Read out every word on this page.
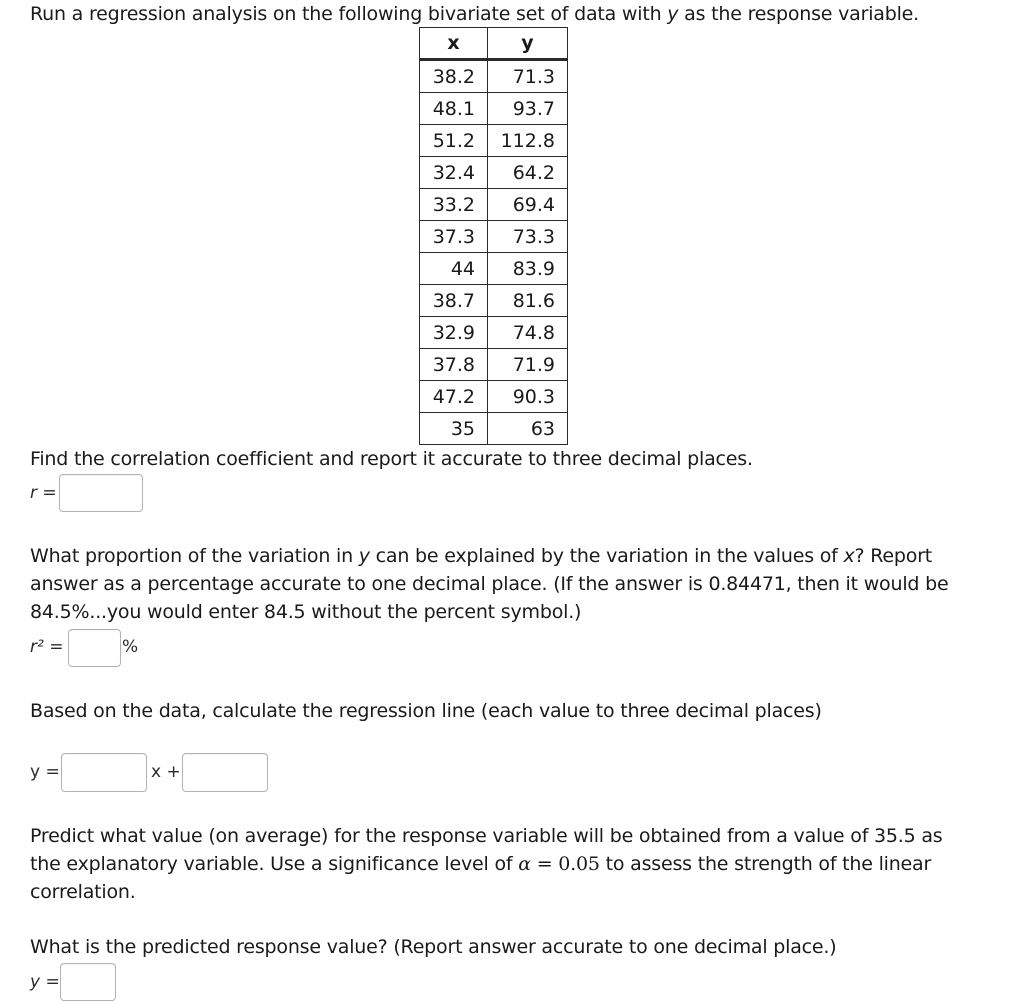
Run a regression analysis on the following bivariate set of data with y as the response variable.
x	y
38.2	71.3
48.1	93.7
51.2	112.8
32.4	64.2
33.2	69.4
37.3	73.3
44	83.9
38.7	81.6
32.9	74.8
37.8	71.9
47.2	90.3
35	63
Find the correlation coefficient and report it accurate to three decimal places.
r =
What proportion of the variation in y can be explained by the variation in the values of x? Report answer as a percentage accurate to one decimal place. (If the answer is 0.84471, then it would be 84.5%...you would enter 84.5 without the percent symbol.)
r² =	%
Based on the data, calculate the regression line (each value to three decimal places)
y =	x +
Predict what value (on average) for the response variable will be obtained from a value of 35.5 as the explanatory variable. Use a significance level of α = 0.05 to assess the strength of the linear correlation.
What is the predicted response value? (Report answer accurate to one decimal place.)
y =
